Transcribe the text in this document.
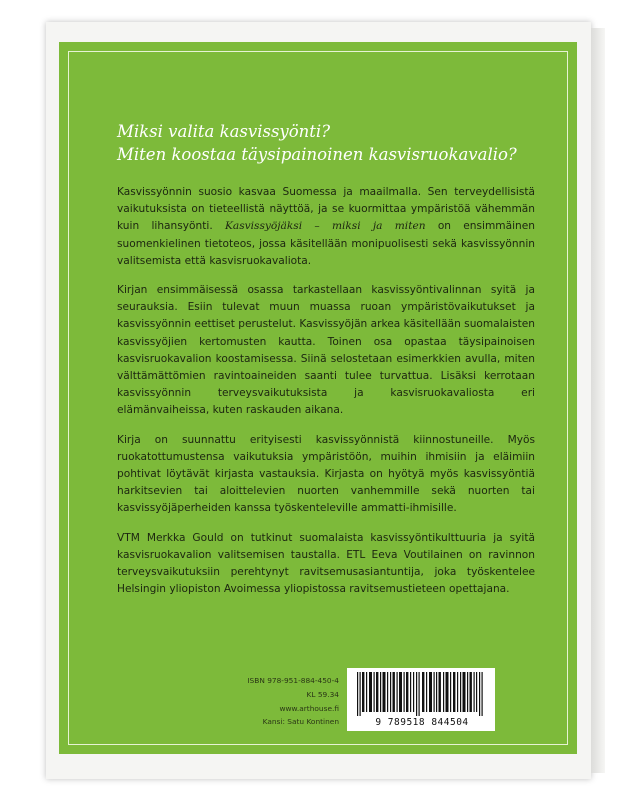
Miksi valita kasvissyönti?
Miten koostaa täysipainoinen kasvisruokavalio?

Kasvissyönnin suosio kasvaa Suomessa ja maailmalla. Sen terveydellisistä vaikutuksista on tieteellistä näyttöä, ja se kuormittaa ympäristöä vähemmän kuin lihansyönti. Kasvissyöjäksi – miksi ja miten on ensimmäinen suomenkielinen tietoteos, jossa käsitellään monipuolisesti sekä kasvissyönnin valitsemista että kasvisruokavaliota.

Kirjan ensimmäisessä osassa tarkastellaan kasvissyöntivalinnan syitä ja seurauksia. Esiin tulevat muun muassa ruoan ympäristövaikutukset ja kasvissyönnin eettiset perustelut. Kasvissyöjän arkea käsitellään suomalaisten kasvissyöjien kertomusten kautta. Toinen osa opastaa täysipainoisen kasvisruokavalion koostamisessa. Siinä selostetaan esimerkkien avulla, miten välttämättömien ravintoaineiden saanti tulee turvattua. Lisäksi kerrotaan kasvissyönnin terveysvaikutuksista ja kasvisruokavaliosta eri elämänvaiheissa, kuten raskauden aikana.

Kirja on suunnattu erityisesti kasvissyönnistä kiinnostuneille. Myös ruokatottumustensa vaikutuksia ympäristöön, muihin ihmisiin ja eläimiin pohtivat löytävät kirjasta vastauksia. Kirjasta on hyötyä myös kasvissyöntiä harkitsevien tai aloittelevien nuorten vanhemmille sekä nuorten tai kasvissyöjäperheiden kanssa työskenteleville ammatti-ihmisille.

VTM Merkka Gould on tutkinut suomalaista kasvissyöntikulttuuria ja syitä kasvisruokavalion valitsemisen taustalla. ETL Eeva Voutilainen on ravinnon terveysvaikutuksiin perehtynyt ravitsemusasiantuntija, joka työskentelee Helsingin yliopiston Avoimessa yliopistossa ravitsemustieteen opettajana.

ISBN 978-951-884-450-4
KL 59.34
www.arthouse.fi
Kansi: Satu Kontinen	9 789518 844504
